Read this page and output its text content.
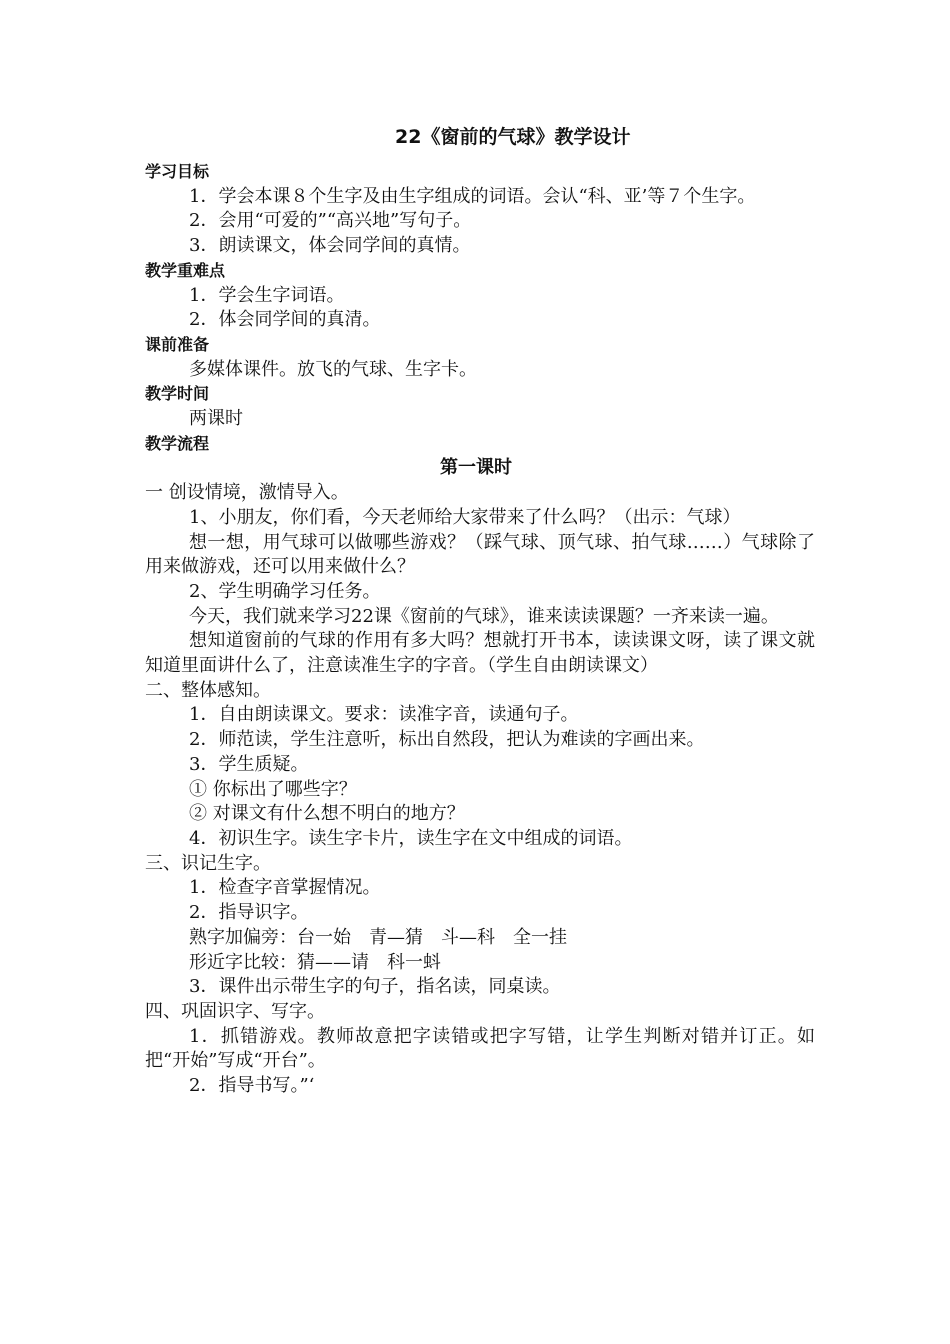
22《窗前的气球》教学设计
学习目标
1．学会本课８个生字及由生字组成的词语。会认“科、亚’等７个生字。
2．会用“可爱的”“高兴地”写句子。
3．朗读课文，体会同学间的真情。
教学重难点
1．学会生字词语。
2．体会同学间的真清。
课前准备
多媒体课件。放飞的气球、生字卡。
教学时间
两课时
教学流程
第一课时
一 创设情境，激情导入。
1、小朋友，你们看，今天老师给大家带来了什么吗？（出示：气球）
想一想，用气球可以做哪些游戏？（踩气球、顶气球、拍气球……）气球除了用来做游戏，还可以用来做什么？
2、学生明确学习任务。
今天，我们就来学习22课《窗前的气球》，谁来读读课题？一齐来读一遍。
想知道窗前的气球的作用有多大吗？想就打开书本，读读课文呀，读了课文就知道里面讲什么了，注意读准生字的字音。（学生自由朗读课文）
二、整体感知。
1．自由朗读课文。要求：读准字音，读通句子。
2．师范读，学生注意听，标出自然段，把认为难读的字画出来。
3．学生质疑。
① 你标出了哪些字？
② 对课文有什么想不明白的地方？
4．初识生字。读生字卡片，读生字在文中组成的词语。
三、识记生字。
1．检查字音掌握情况。
2．指导识字。
熟字加偏旁：台一始　青—猜　斗—科　全一挂
形近字比较：猜——请　科一蚪
3．课件出示带生字的句子，指名读，同桌读。
四、巩固识字、写字。
1．抓错游戏。教师故意把字读错或把字写错，让学生判断对错并订正。如把“开始”写成“开台”。
2．指导书写。”‘
